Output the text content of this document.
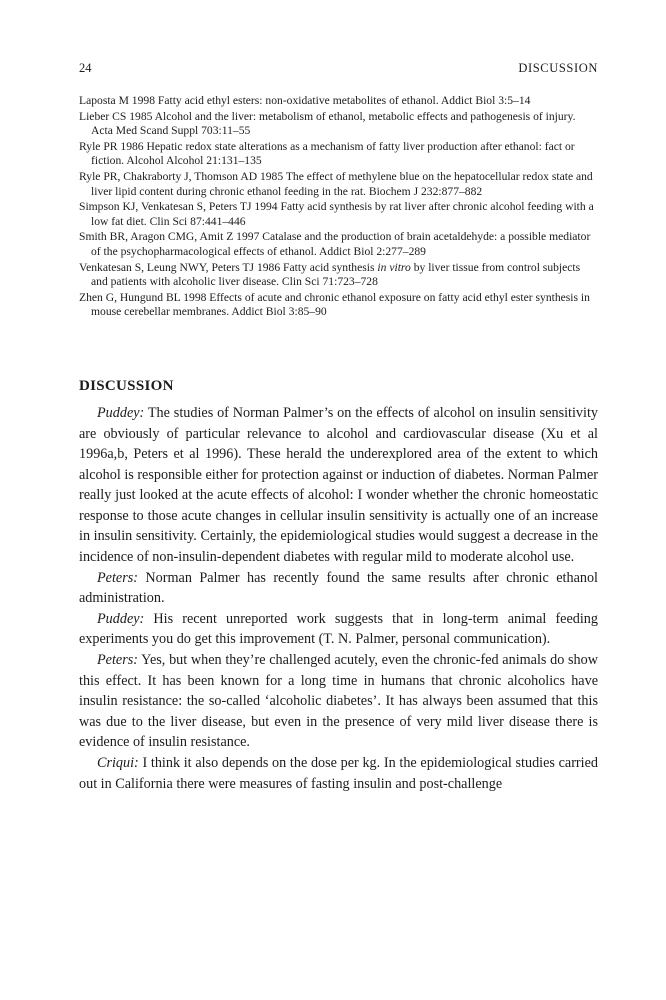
24	DISCUSSION

Laposta M 1998 Fatty acid ethyl esters: non-oxidative metabolites of ethanol. Addict Biol 3:5–14

Lieber CS 1985 Alcohol and the liver: metabolism of ethanol, metabolic effects and pathogenesis of injury. Acta Med Scand Suppl 703:11–55

Ryle PR 1986 Hepatic redox state alterations as a mechanism of fatty liver production after ethanol: fact or fiction. Alcohol Alcohol 21:131–135

Ryle PR, Chakraborty J, Thomson AD 1985 The effect of methylene blue on the hepatocellular redox state and liver lipid content during chronic ethanol feeding in the rat. Biochem J 232:877–882

Simpson KJ, Venkatesan S, Peters TJ 1994 Fatty acid synthesis by rat liver after chronic alcohol feeding with a low fat diet. Clin Sci 87:441–446

Smith BR, Aragon CMG, Amit Z 1997 Catalase and the production of brain acetaldehyde: a possible mediator of the psychopharmacological effects of ethanol. Addict Biol 2:277–289

Venkatesan S, Leung NWY, Peters TJ 1986 Fatty acid synthesis in vitro by liver tissue from control subjects and patients with alcoholic liver disease. Clin Sci 71:723–728

Zhen G, Hungund BL 1998 Effects of acute and chronic ethanol exposure on fatty acid ethyl ester synthesis in mouse cerebellar membranes. Addict Biol 3:85–90

DISCUSSION

Puddey: The studies of Norman Palmer’s on the effects of alcohol on insulin sensitivity are obviously of particular relevance to alcohol and cardiovascular disease (Xu et al 1996a,b, Peters et al 1996). These herald the underexplored area of the extent to which alcohol is responsible either for protection against or induction of diabetes. Norman Palmer really just looked at the acute effects of alcohol: I wonder whether the chronic homeostatic response to those acute changes in cellular insulin sensitivity is actually one of an increase in insulin sensitivity. Certainly, the epidemiological studies would suggest a decrease in the incidence of non-insulin-dependent diabetes with regular mild to moderate alcohol use.

Peters: Norman Palmer has recently found the same results after chronic ethanol administration.

Puddey: His recent unreported work suggests that in long-term animal feeding experiments you do get this improvement (T. N. Palmer, personal communication).

Peters: Yes, but when they’re challenged acutely, even the chronic-fed animals do show this effect. It has been known for a long time in humans that chronic alcoholics have insulin resistance: the so-called ‘alcoholic diabetes’. It has always been assumed that this was due to the liver disease, but even in the presence of very mild liver disease there is evidence of insulin resistance.

Criqui: I think it also depends on the dose per kg. In the epidemiological studies carried out in California there were measures of fasting insulin and post-challenge
